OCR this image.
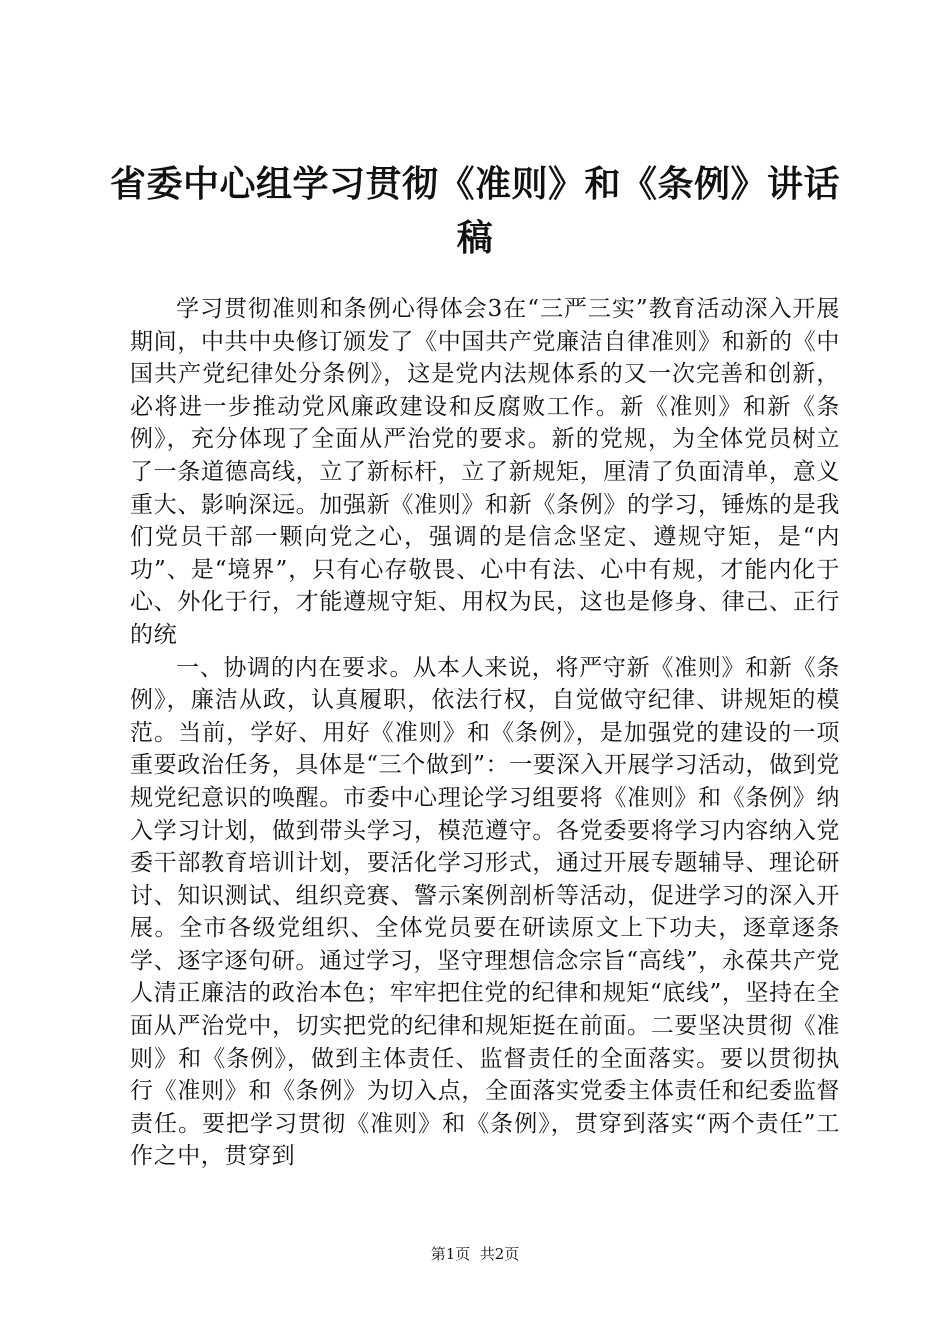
省委中心组学习贯彻《准则》和《条例》讲话稿

学习贯彻准则和条例心得体会3在“三严三实”教育活动深入开展期间，中共中央修订颁发了《中国共产党廉洁自律准则》和新的《中国共产党纪律处分条例》，这是党内法规体系的又一次完善和创新，必将进一步推动党风廉政建设和反腐败工作。新《准则》和新《条例》，充分体现了全面从严治党的要求。新的党规，为全体党员树立了一条道德高线，立了新标杆，立了新规矩，厘清了负面清单，意义重大、影响深远。加强新《准则》和新《条例》的学习，锤炼的是我们党员干部一颗向党之心，强调的是信念坚定、遵规守矩，是“内功”、是“境界”，只有心存敬畏、心中有法、心中有规，才能内化于心、外化于行，才能遵规守矩、用权为民，这也是修身、律己、正行的统

一、协调的内在要求。从本人来说，将严守新《准则》和新《条例》，廉洁从政，认真履职，依法行权，自觉做守纪律、讲规矩的模范。当前，学好、用好《准则》和《条例》，是加强党的建设的一项重要政治任务，具体是“三个做到”：一要深入开展学习活动，做到党规党纪意识的唤醒。市委中心理论学习组要将《准则》和《条例》纳入学习计划，做到带头学习，模范遵守。各党委要将学习内容纳入党委干部教育培训计划，要活化学习形式，通过开展专题辅导、理论研讨、知识测试、组织竞赛、警示案例剖析等活动，促进学习的深入开展。全市各级党组织、全体党员要在研读原文上下功夫，逐章逐条学、逐字逐句研。通过学习，坚守理想信念宗旨“高线”，永葆共产党人清正廉洁的政治本色；牢牢把住党的纪律和规矩“底线”，坚持在全面从严治党中，切实把党的纪律和规矩挺在前面。二要坚决贯彻《准则》和《条例》，做到主体责任、监督责任的全面落实。要以贯彻执行《准则》和《条例》为切入点，全面落实党委主体责任和纪委监督责任。要把学习贯彻《准则》和《条例》，贯穿到落实“两个责任”工作之中，贯穿到

第1页  共2页
